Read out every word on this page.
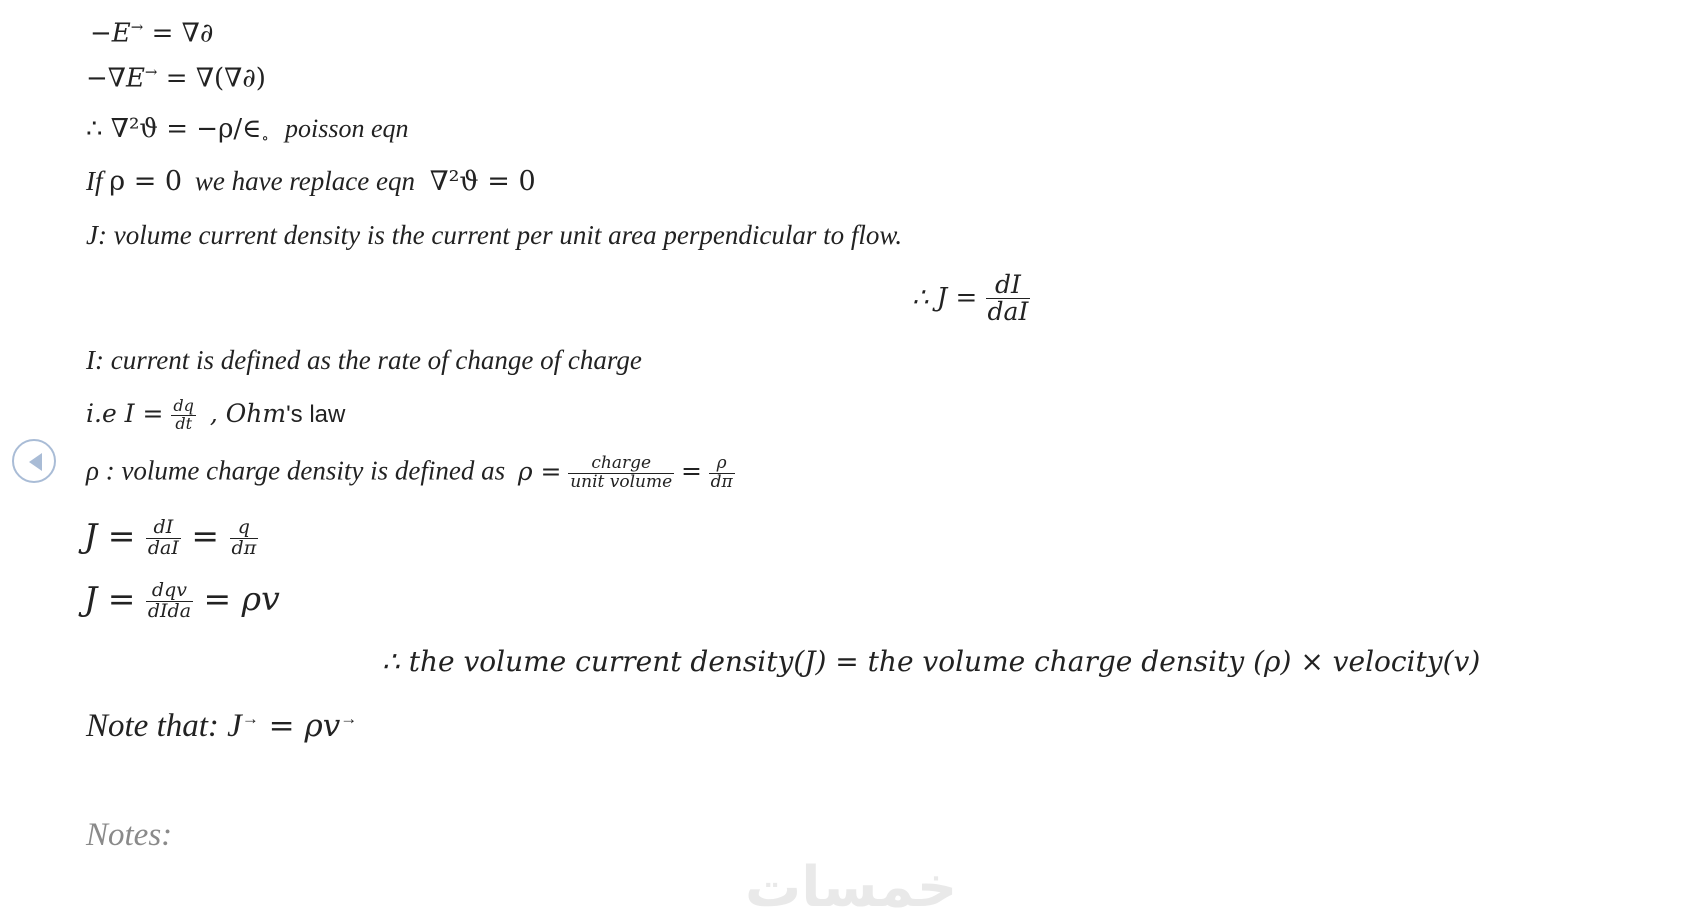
−E→ = ∇∂
−∇E→ = ∇(∇∂)
∴ $\nabla^2ϑ = -\rho/\in_\circ$ poisson eqn
If ρ = 0 we have replace eqn ∇²ϑ = 0
J: volume current density is the current per unit area perpendicular to flow.
∴ $J = \frac{dI}{\text{daI}}$
I: current is defined as the rate of change of charge
i.e $I = \frac{dq}{dt}$ , Ohm's law
ρ : volume charge density is defined as $\rho = \frac{\text{charge}}{\text{unit volume}} = \frac{\rho}{d\pi}$
$J = \frac{dI}{\text{daI}} = \frac{q}{d\pi}$
$J = \frac{\text{dqv}}{\text{dIda}} = \rho v$
∴ the volume current density(J) = the volume charge density (ρ) × velocity(v)
Note that: J→ = ρv→
Notes:
خمسات
